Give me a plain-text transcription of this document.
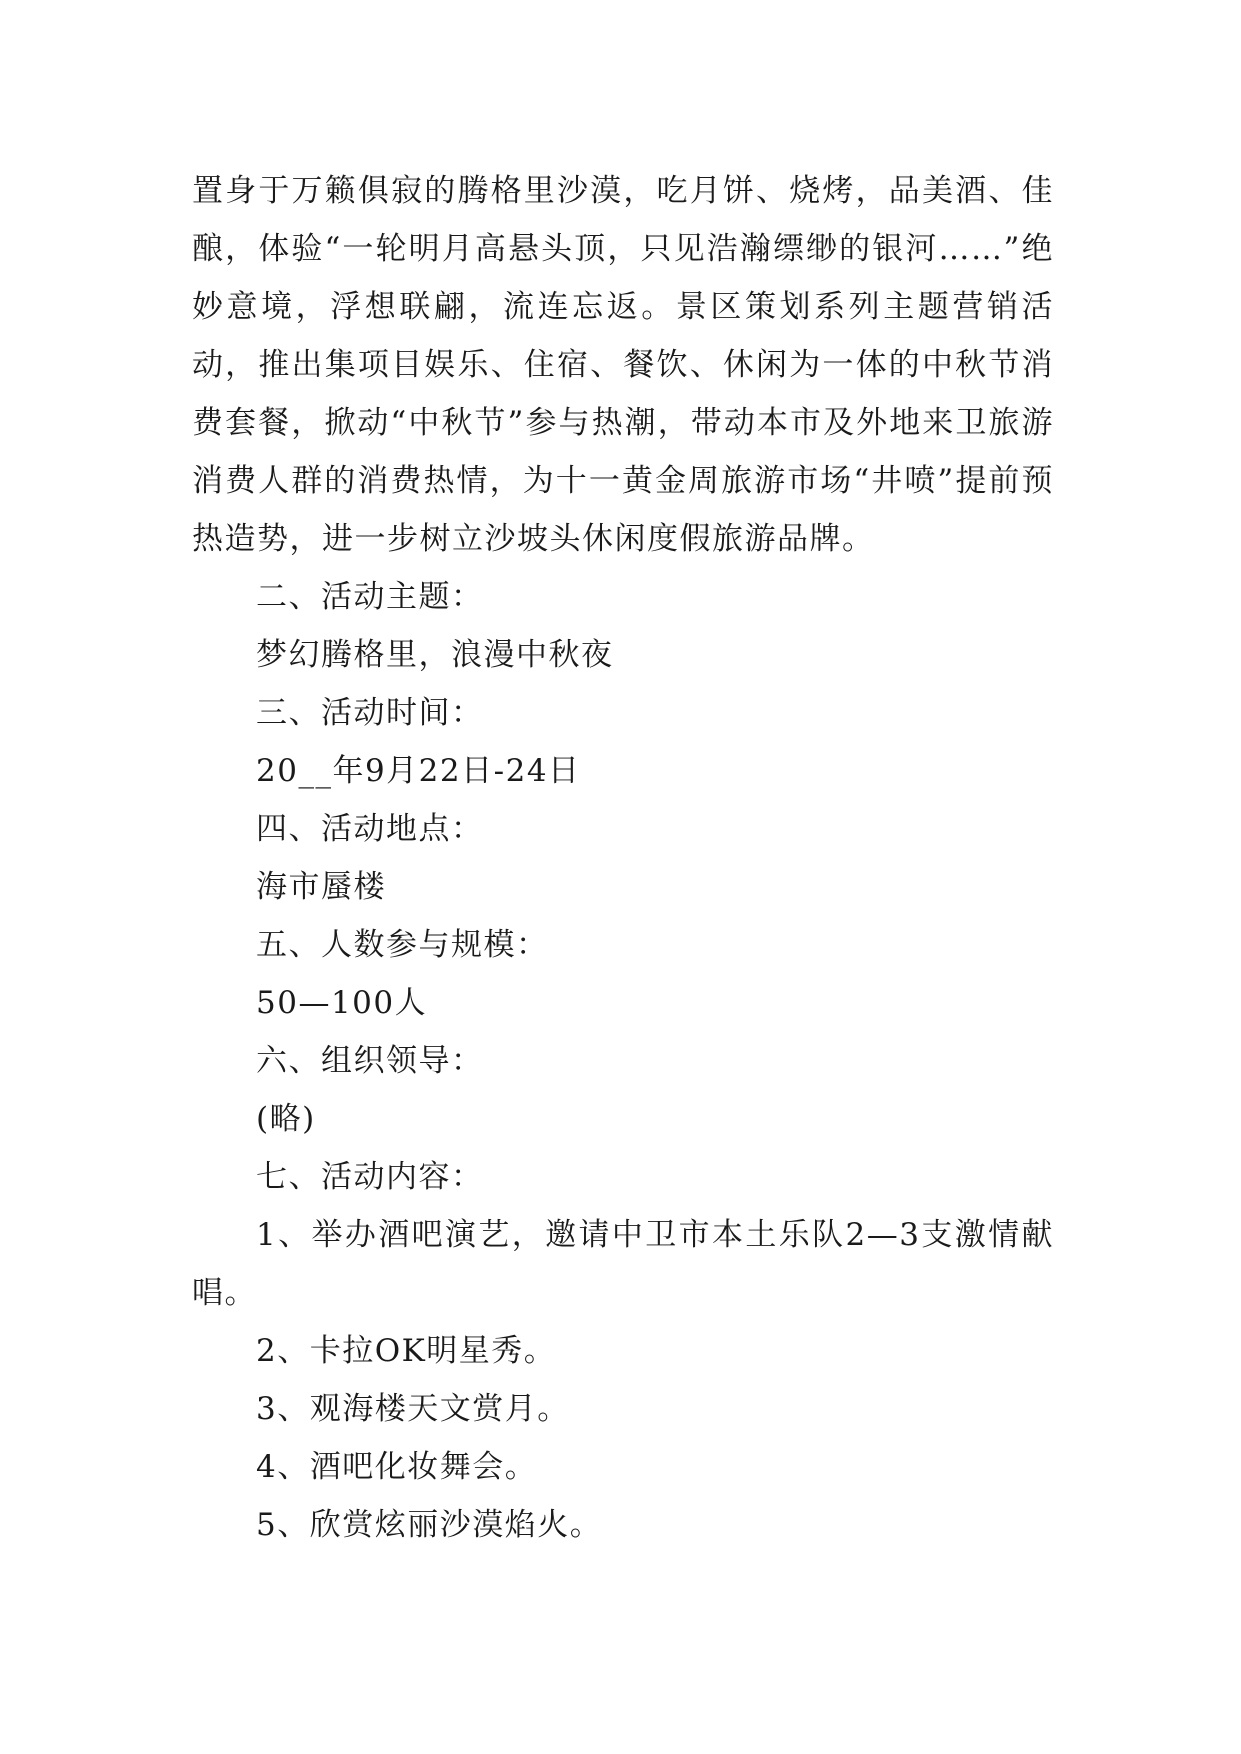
置身于万籁俱寂的腾格里沙漠，吃月饼、烧烤，品美酒、佳酿，体验“一轮明月高悬头顶，只见浩瀚缥缈的银河……”绝妙意境，浮想联翩，流连忘返。景区策划系列主题营销活动，推出集项目娱乐、住宿、餐饮、休闲为一体的中秋节消费套餐，掀动“中秋节”参与热潮，带动本市及外地来卫旅游消费人群的消费热情，为十一黄金周旅游市场“井喷”提前预热造势，进一步树立沙坡头休闲度假旅游品牌。

二、活动主题：

梦幻腾格里，浪漫中秋夜

三、活动时间：

20__年9月22日-24日

四、活动地点：

海市蜃楼

五、人数参与规模：

50—100人

六、组织领导：

(略)

七、活动内容：

1、举办酒吧演艺，邀请中卫市本土乐队2—3支激情献唱。

2、卡拉OK明星秀。

3、观海楼天文赏月。

4、酒吧化妆舞会。

5、欣赏炫丽沙漠焰火。
